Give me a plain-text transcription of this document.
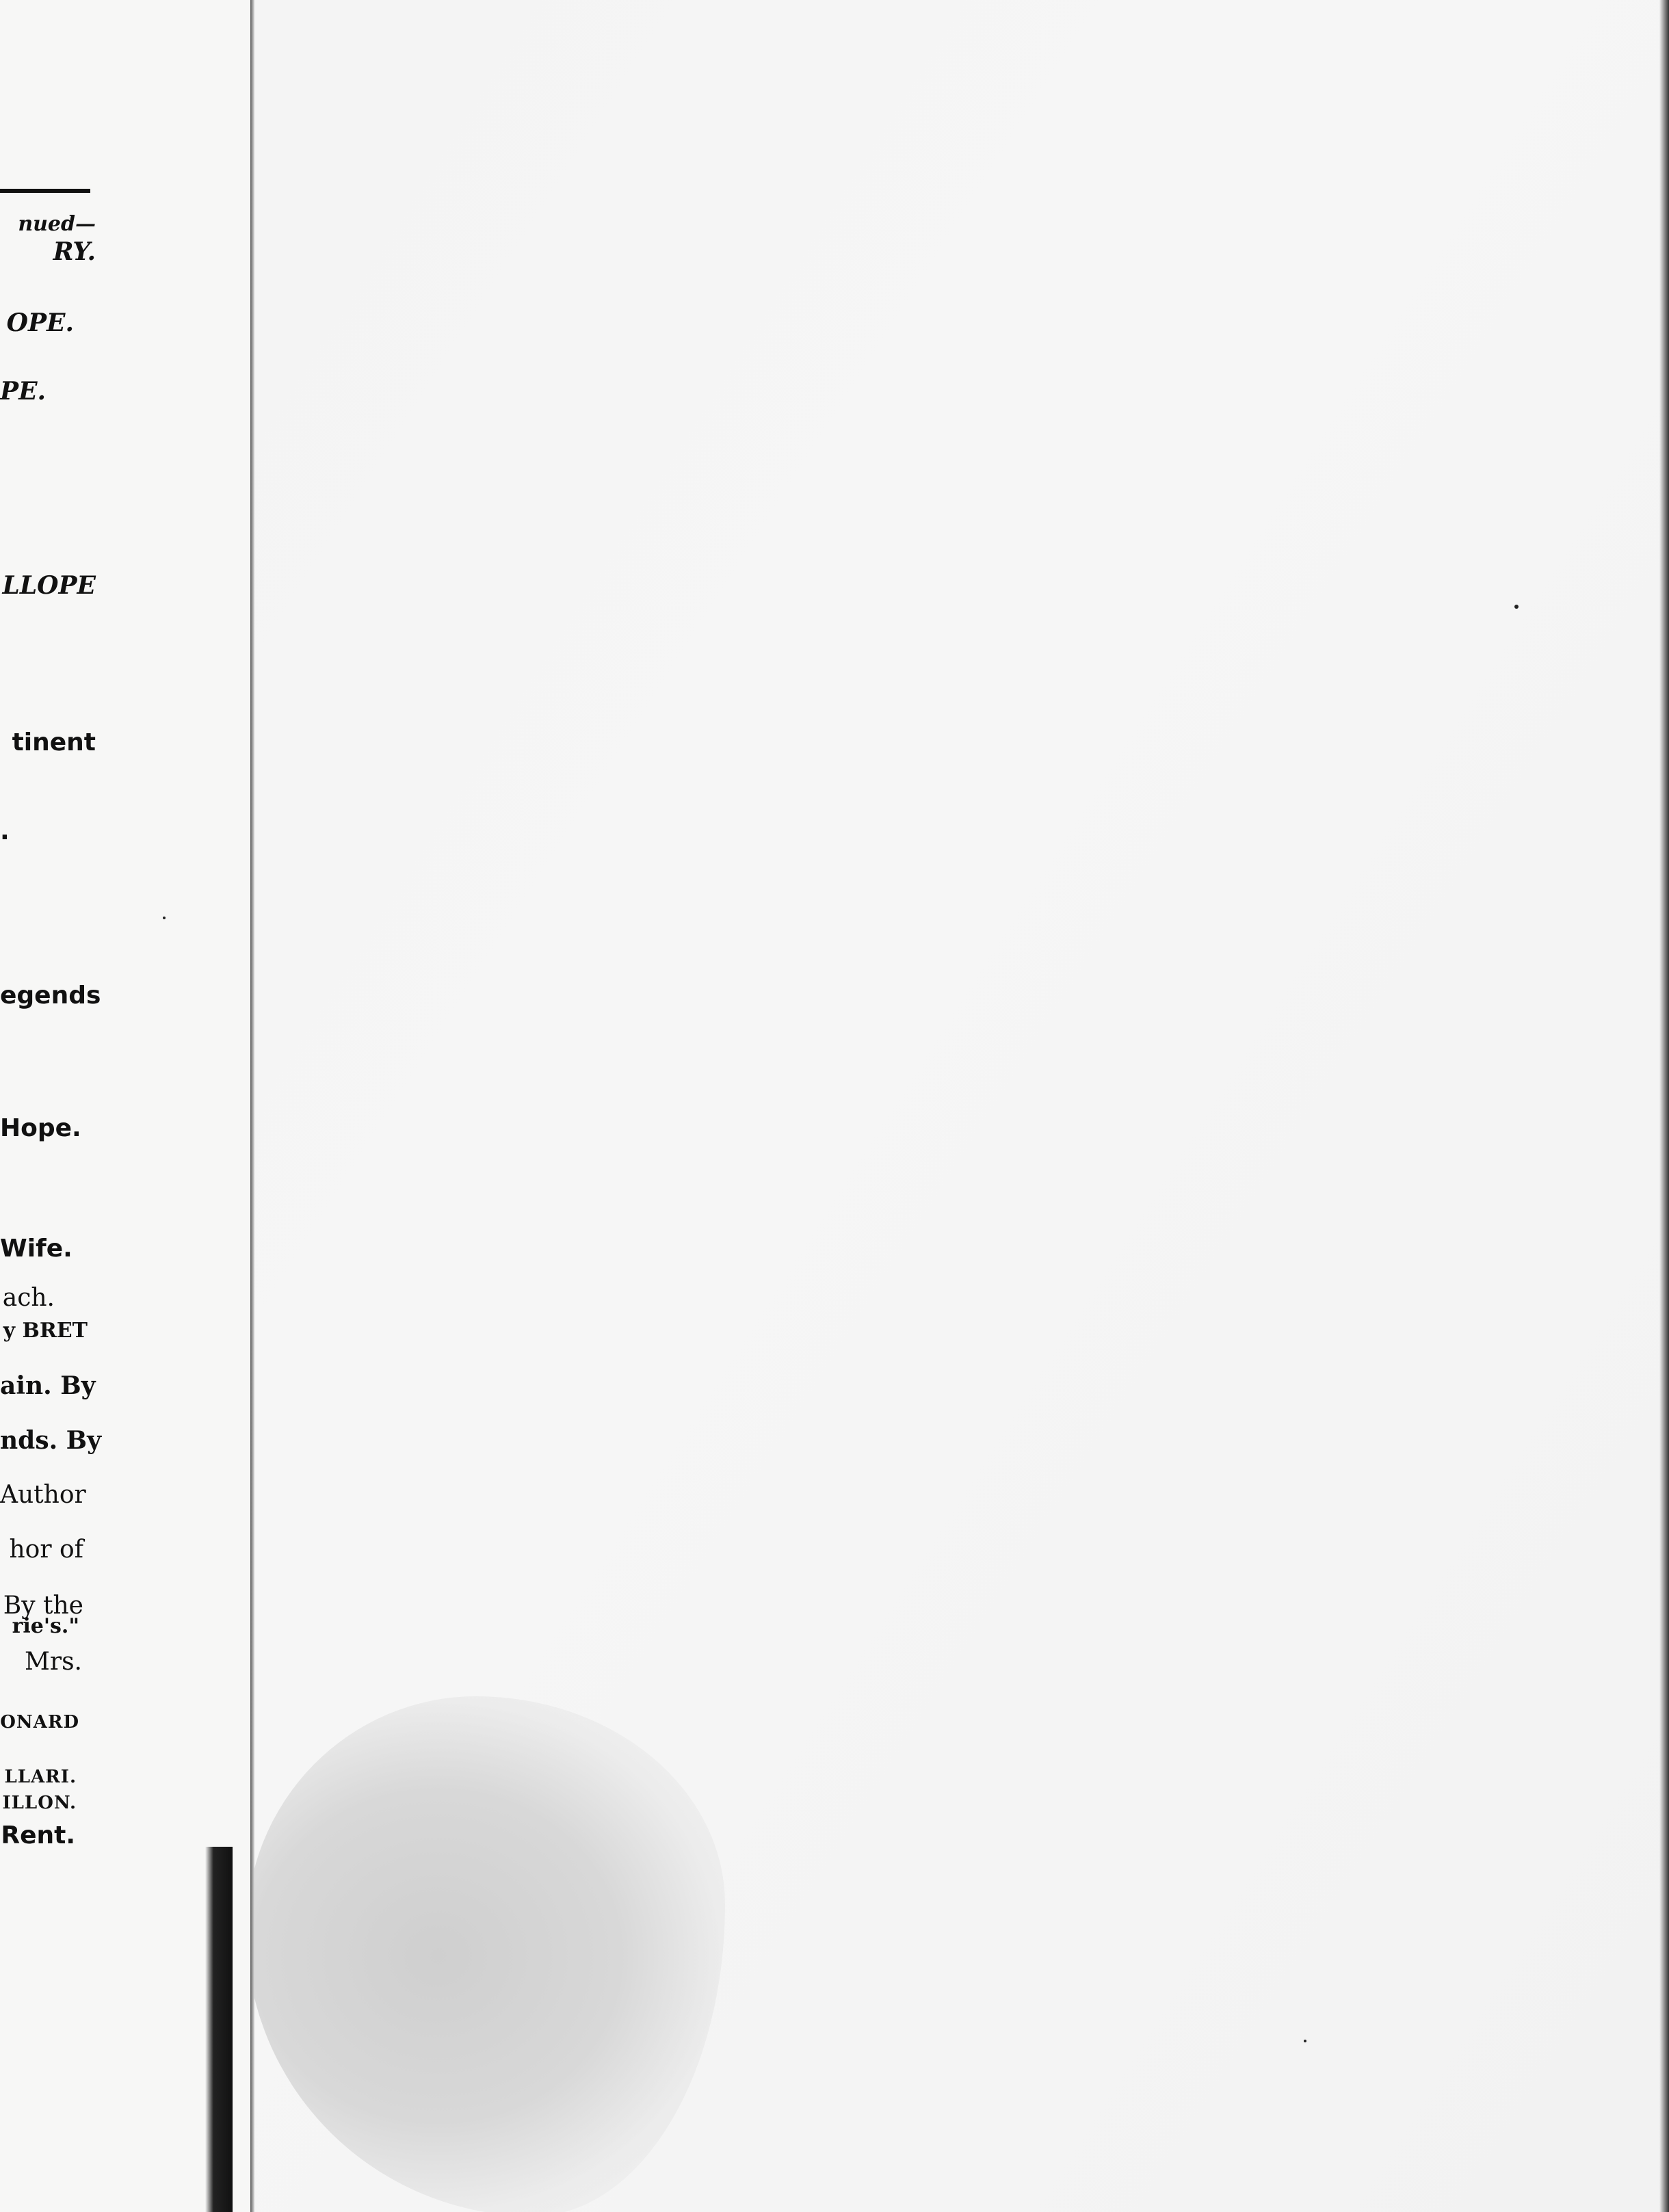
nued—
RY.
OPE.
PE.
LLOPE
tinent
.
egends
Hope.
Wife.
ach.
y BRET
ain. By
nds. By
Author
hor of
By the
rie's."
Mrs.
ONARD
LLARI.
ILLON.
Rent.
